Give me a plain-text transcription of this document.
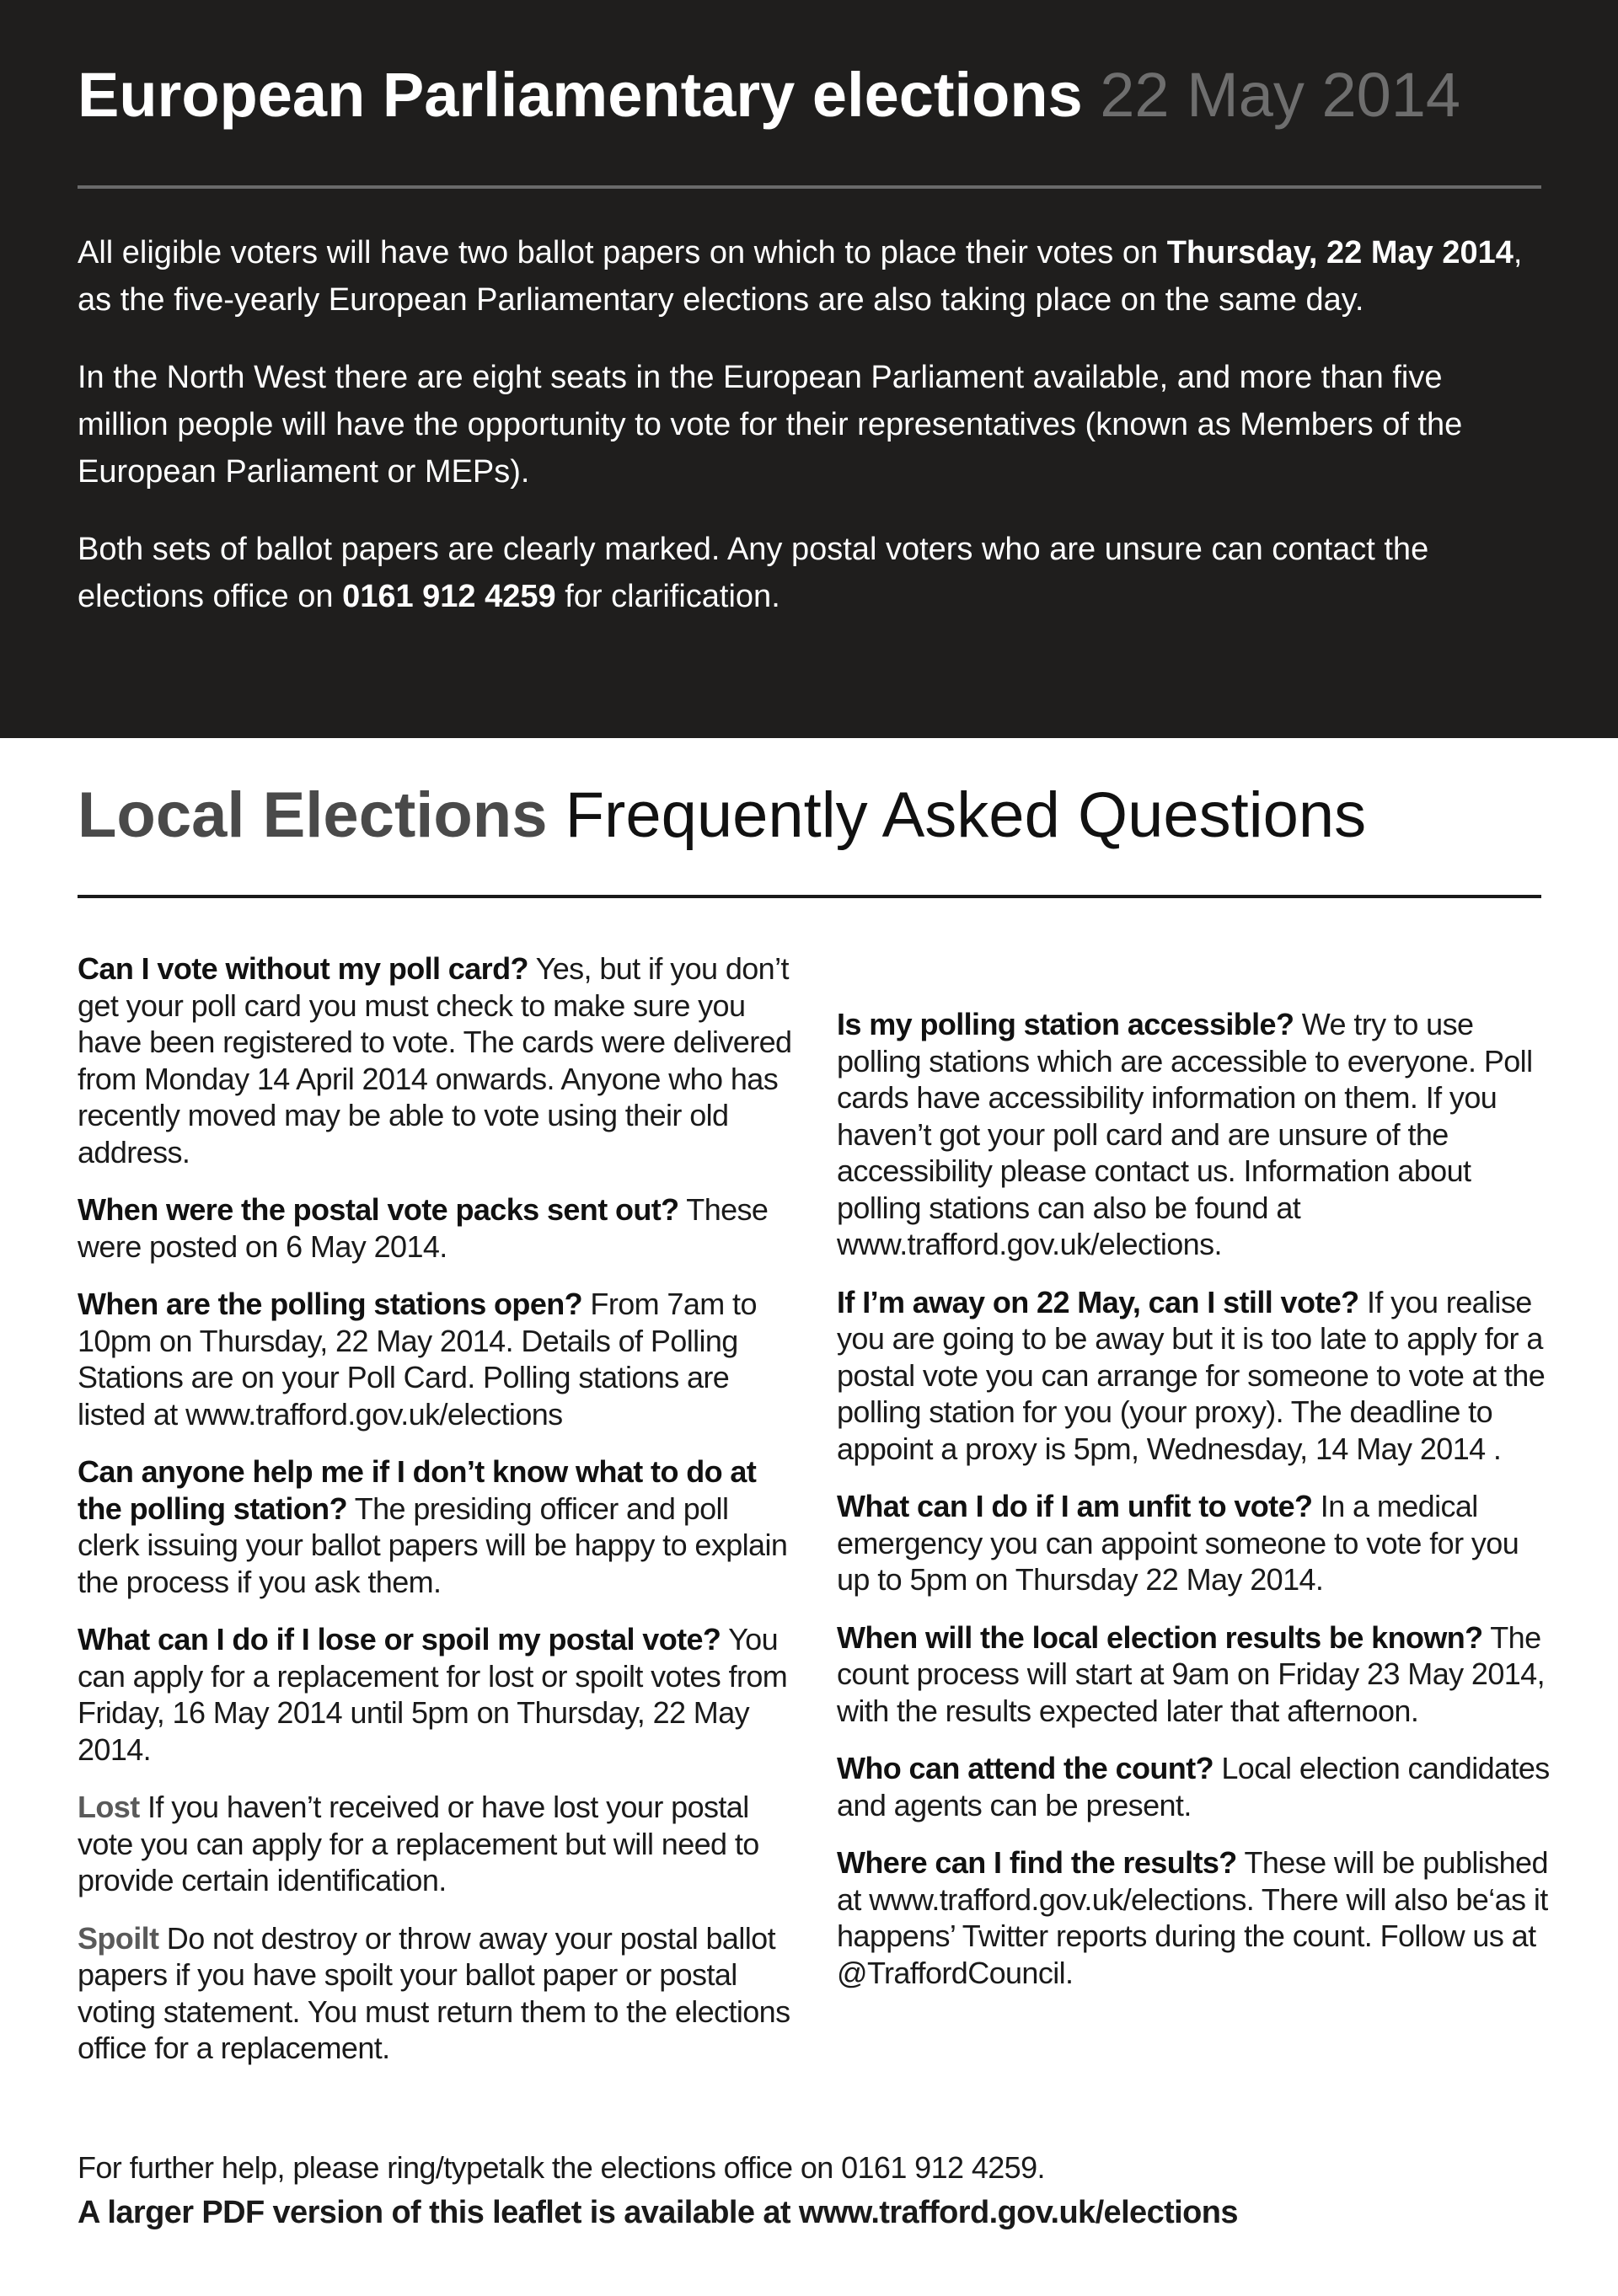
European Parliamentary elections 22 May 2014

All eligible voters will have two ballot papers on which to place their votes on Thursday, 22 May 2014, as the five-yearly European Parliamentary elections are also taking place on the same day.

In the North West there are eight seats in the European Parliament available, and more than five million people will have the opportunity to vote for their representatives (known as Members of the European Parliament or MEPs).

Both sets of ballot papers are clearly marked. Any postal voters who are unsure can contact the elections office on 0161 912 4259 for clarification.

Local Elections Frequently Asked Questions

Can I vote without my poll card? Yes, but if you don’t get your poll card you must check to make sure you have been registered to vote. The cards were delivered from Monday 14 April 2014 onwards. Anyone who has recently moved may be able to vote using their old address.

When were the postal vote packs sent out? These were posted on 6 May 2014.

When are the polling stations open? From 7am to 10pm on Thursday, 22 May 2014. Details of Polling Stations are on your Poll Card. Polling stations are listed at www.trafford.gov.uk/elections

Can anyone help me if I don’t know what to do at the polling station? The presiding officer and poll clerk issuing your ballot papers will be happy to explain the process if you ask them.

What can I do if I lose or spoil my postal vote? You can apply for a replacement for lost or spoilt votes from Friday, 16 May 2014 until 5pm on Thursday, 22 May 2014.

Lost If you haven’t received or have lost your postal vote you can apply for a replacement but will need to provide certain identification.

Spoilt Do not destroy or throw away your postal ballot papers if you have spoilt your ballot paper or postal voting statement. You must return them to the elections office for a replacement.

Is my polling station accessible? We try to use polling stations which are accessible to everyone. Poll cards have accessibility information on them. If you haven’t got your poll card and are unsure of the accessibility please contact us. Information about polling stations can also be found at www.trafford.gov.uk/elections.

If I’m away on 22 May, can I still vote? If you realise you are going to be away but it is too late to apply for a postal vote you can arrange for someone to vote at the polling station for you (your proxy). The deadline to appoint a proxy is 5pm, Wednesday, 14 May 2014 .

What can I do if I am unfit to vote? In a medical emergency you can appoint someone to vote for you up to 5pm on Thursday 22 May 2014.

When will the local election results be known? The count process will start at 9am on Friday 23 May 2014, with the results expected later that afternoon.

Who can attend the count? Local election candidates and agents can be present.

Where can I find the results? These will be published at www.trafford.gov.uk/elections. There will also be‘as it happens’ Twitter reports during the count. Follow us at @TraffordCouncil.

For further help, please ring/typetalk the elections office on 0161 912 4259.

A larger PDF version of this leaflet is available at www.trafford.gov.uk/elections
